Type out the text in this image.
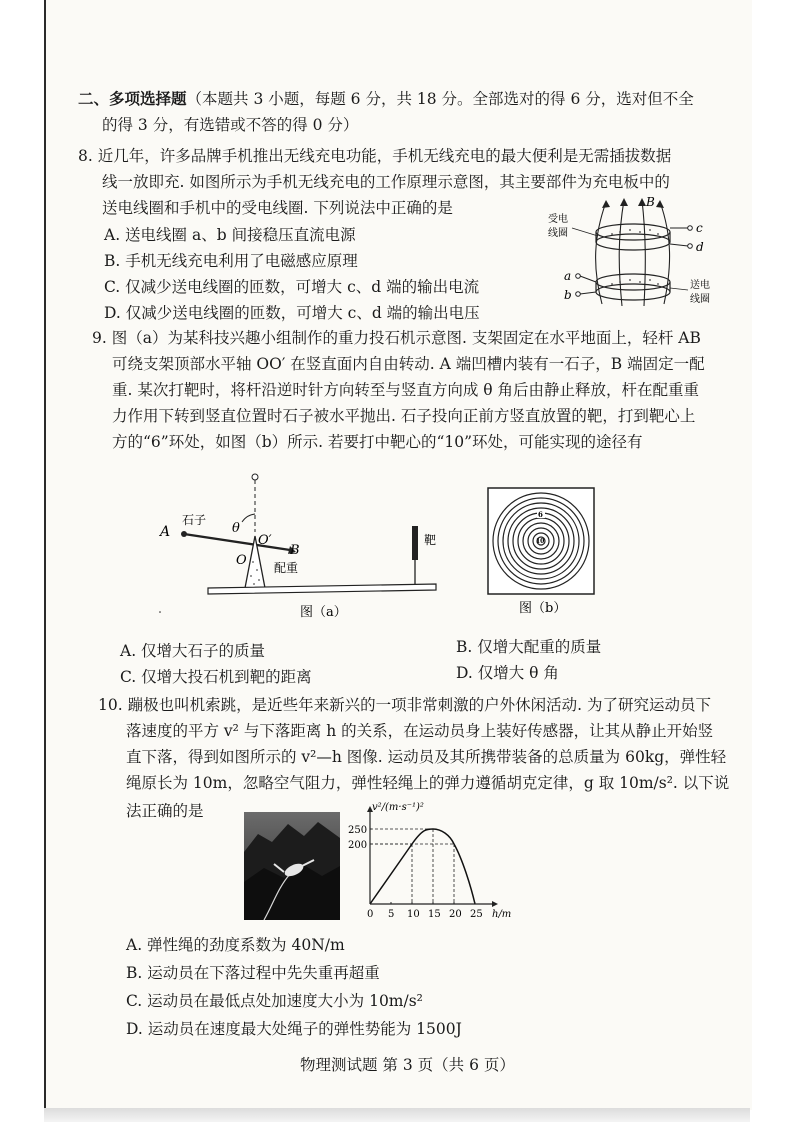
二、多项选择题（本题共 3 小题，每题 6 分，共 18 分。全部选对的得 6 分，选对但不全
的得 3 分，有选错或不答的得 0 分）
8. 近几年，许多品牌手机推出无线充电功能，手机无线充电的最大便利是无需插拔数据
线一放即充. 如图所示为手机无线充电的工作原理示意图，其主要部件为充电板中的
送电线圈和手机中的受电线圈. 下列说法中正确的是
A. 送电线圈 a、b 间接稳压直流电源
B. 手机无线充电利用了电磁感应原理
C. 仅减少送电线圈的匝数，可增大 c、d 端的输出电流
D. 仅减少送电线圈的匝数，可增大 c、d 端的输出电压
c
d
受电
线圈
a
b
送电
线圈
B
9. 图（a）为某科技兴趣小组制作的重力投石机示意图. 支架固定在水平地面上，轻杆 AB
可绕支架顶部水平轴 OO′ 在竖直面内自由转动. A 端凹槽内装有一石子，B 端固定一配
重. 某次打靶时，将杆沿逆时针方向转至与竖直方向成 θ 角后由静止释放，杆在配重重
力作用下转到竖直位置时石子被水平抛出. 石子投向正前方竖直放置的靶，打到靶心上
方的“6”环处，如图（b）所示. 若要打中靶心的“10”环处，可能实现的途径有
A
石子
θ
O′
O
B
配重
靶
图（a）
6
10
图（b）
A. 仅增大石子的质量	B. 仅增大配重的质量
C. 仅增大投石机到靶的距离	D. 仅增大 θ 角
10. 蹦极也叫机索跳，是近些年来新兴的一项非常刺激的户外休闲活动. 为了研究运动员下
落速度的平方 v² 与下落距离 h 的关系，在运动员身上装好传感器，让其从静止开始竖
直下落，得到如图所示的 v²—h 图像. 运动员及其所携带装备的总质量为 60kg，弹性轻
绳原长为 10m，忽略空气阻力，弹性轻绳上的弹力遵循胡克定律，g 取 10m/s². 以下说
法正确的是	v²/(m·s⁻¹)²
h/m
0 5 10 15 20 25
200
250
A. 弹性绳的劲度系数为 40N/m
B. 运动员在下落过程中先失重再超重
C. 运动员在最低点处加速度大小为 10m/s²
D. 运动员在速度最大处绳子的弹性势能为 1500J
物理测试题 第 3 页（共 6 页）
